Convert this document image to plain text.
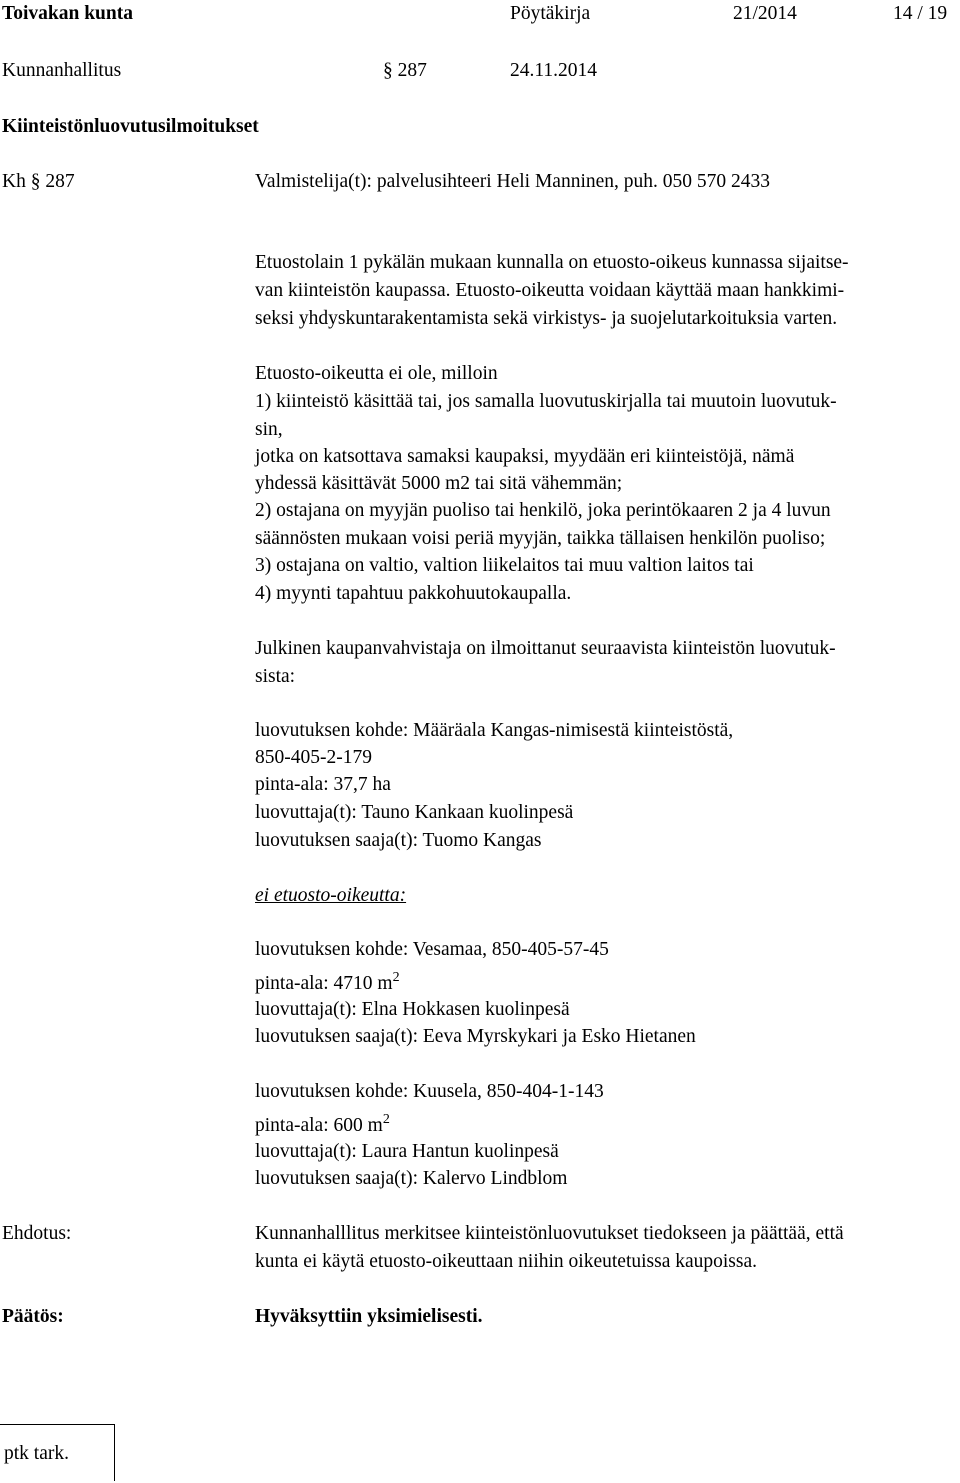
Toivakan kunta	Pöytäkirja	21/2014	14 / 19
Kunnanhallitus	§ 287	24.11.2014
Kiinteistönluovutusilmoitukset
Kh § 287	Valmistelija(t): palvelusihteeri Heli Manninen, puh. 050 570 2433
Etuostolain 1 pykälän mukaan kunnalla on etuosto-oikeus kunnassa sijaitse-
van kiinteistön kaupassa. Etuosto-oikeutta voidaan käyttää maan hankkimi-
seksi yhdyskuntarakentamista sekä virkistys- ja suojelutarkoituksia varten.
Etuosto-oikeutta ei ole, milloin
1) kiinteistö käsittää tai, jos samalla luovutuskirjalla tai muutoin luovutuk-
sin,
jotka on katsottava samaksi kaupaksi, myydään eri kiinteistöjä, nämä
yhdessä käsittävät 5000 m2 tai sitä vähemmän;
2) ostajana on myyjän puoliso tai henkilö, joka perintökaaren 2 ja 4 luvun
säännösten mukaan voisi periä myyjän, taikka tällaisen henkilön puoliso;
3) ostajana on valtio, valtion liikelaitos tai muu valtion laitos tai
4) myynti tapahtuu pakkohuutokaupalla.
Julkinen kaupanvahvistaja on ilmoittanut seuraavista kiinteistön luovutuk-
sista:
luovutuksen kohde: Määräala Kangas-nimisestä kiinteistöstä,
850-405-2-179
pinta-ala: 37,7 ha
luovuttaja(t): Tauno Kankaan kuolinpesä
luovutuksen saaja(t): Tuomo Kangas
ei etuosto-oikeutta:
luovutuksen kohde: Vesamaa, 850-405-57-45
pinta-ala: 4710 $m^2$
luovuttaja(t): Elna Hokkasen kuolinpesä
luovutuksen saaja(t): Eeva Myrskykari ja Esko Hietanen
luovutuksen kohde: Kuusela, 850-404-1-143
pinta-ala: 600 $m^2$
luovuttaja(t): Laura Hantun kuolinpesä
luovutuksen saaja(t): Kalervo Lindblom
Ehdotus:	Kunnanhalllitus merkitsee kiinteistönluovutukset tiedokseen ja päättää, että
kunta ei käytä etuosto-oikeuttaan niihin oikeutetuissa kaupoissa.
Päätös:	Hyväksyttiin yksimielisesti.
ptk tark.
